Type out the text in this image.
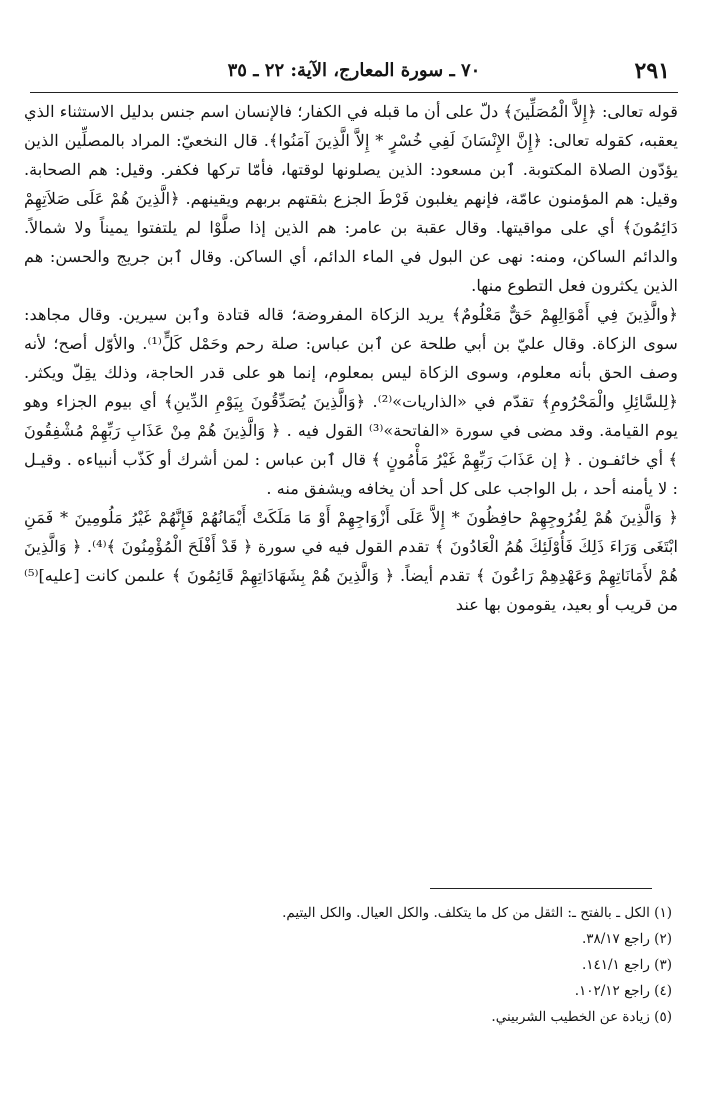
٢٩١
٧٠ ـ سورة المعارج، الآية: ٢٢ ـ ٣٥

قوله تعالى: ﴿إِلاَّ الْمُصَلِّينَ﴾ دلّ على أن ما قبله في الكفار؛ فالإنسان اسم جنس بدليل الاستثناء الذي يعقبه، كقوله تعالى: ﴿إِنَّ الإِنْسَانَ لَفِي خُسْرٍ * إِلاَّ الَّذِينَ آمَنُوا﴾. قال النخعيّ: المراد بالمصلِّين الذين يؤدّون الصلاة المكتوبة. ٱبن مسعود: الذين يصلونها لوقتها، فأمّا تركها فكفر. وقيل: هم الصحابة. وقيل: هم المؤمنون عامّة، فإنهم يغلبون فَرْطَ الجزع بثقتهم بربهم ويقينهم. ﴿الَّذِينَ هُمْ عَلَى صَلاَتِهِمْ دَائِمُونَ﴾ أي على مواقيتها. وقال عقبة بن عامر: هم الذين إذا صلَّوْا لم يلتفتوا يميناً ولا شمالاً. والدائم الساكن، ومنه: نهى عن البول في الماء الدائم، أي الساكن. وقال ٱبن جريج والحسن: هم الذين يكثرون فعل التطوع منها.

﴿والَّذِينَ فِي أَمْوَالِهِمْ حَقٌّ مَعْلُومٌ﴾ يريد الزكاة المفروضة؛ قاله قتادة وٱبن سيرين. وقال مجاهد: سوى الزكاة. وقال عليّ بن أبي طلحة عن ٱبن عباس: صلة رحم وحَمْل كَلٍّ⁽¹⁾. والأوّل أصح؛ لأنه وصف الحق بأنه معلوم، وسوى الزكاة ليس بمعلوم، إنما هو على قدر الحاجة، وذلك يقِلّ ويكثر. ﴿لِلسَّائِلِ والْمَحْرُومِ﴾ تقدّم في «الذاريات»⁽²⁾. ﴿وَالَّذِينَ يُصَدِّقُونَ بِيَوْمِ الدِّينِ﴾ أي بيوم الجزاء وهو يوم القيامة. وقد مضى في سورة «الفاتحة»⁽³⁾ القول فيه . ﴿ وَالَّذِينَ هُمْ مِنْ عَذَابِ رَبِّهِمْ مُشْفِقُونَ ﴾ أي خائفـون . ﴿ إن عَذَابَ رَبِّهِمْ غَيْرُ مَأْمُونٍ ﴾ قال ٱبن عباس : لمن أشرك أو كَذّب أنبياءه . وقيـل : لا يأمنه أحد ، بل الواجب على كل أحد أن يخافه ويشفق منه .

﴿ وَالَّذِينَ هُمْ لِفُرُوجِهِمْ حافِظُونَ * إِلاَّ عَلَى أَزْوَاجِهِمْ أَوْ مَا مَلَكَتْ أَيْمَانُهُمْ فَإِنَّهُمْ غَيْرُ مَلُومِينَ * فَمَنِ ابْتَغَى وَرَاءَ ذَلِكَ فَأُوْلَئِكَ هُمُ الْعَادُونَ ﴾ تقدم القول فيه في سورة ﴿ قَدْ أَفْلَحَ الْمُؤْمِنُونَ ﴾⁽⁴⁾. ﴿ وَالَّذِينَ هُمْ لأَمَانَاتِهِمْ وَعَهْدِهِمْ رَاعُونَ ﴾ تقدم أيضاً. ﴿ وَالَّذِينَ هُمْ بِشَهَادَاتِهِمْ قَائِمُونَ ﴾ علىمن كانت [عليه]⁽⁵⁾ من قريب أو بعيد، يقومون بها عند

(١) الكل ـ بالفتح ـ: الثقل من كل ما يتكلف. والكل العيال. والكل اليتيم.
(٢) راجع ٣٨/١٧.
(٣) راجع ١٤١/١.
(٤) راجع ١٠٢/١٢.
(٥) زيادة عن الخطيب الشربيني.
